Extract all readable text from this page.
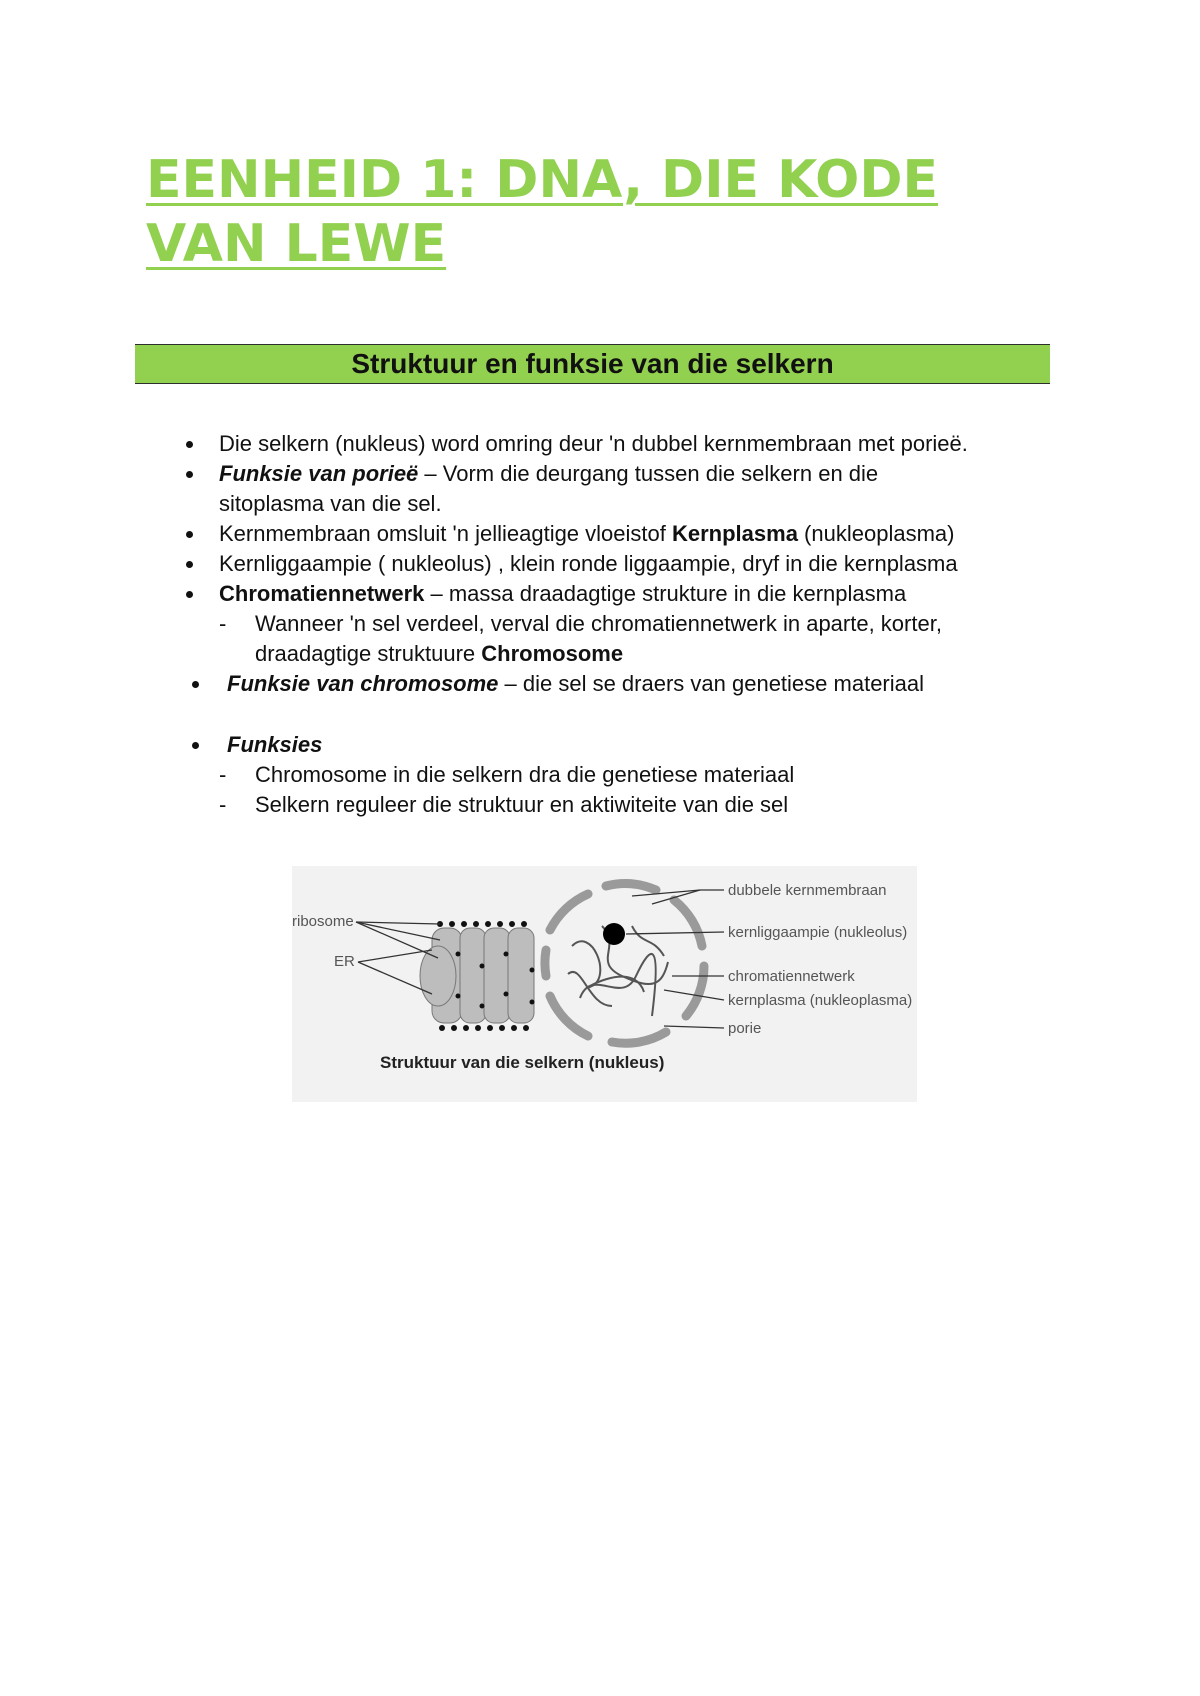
EENHEID 1: DNA, DIE KODE
VAN LEWE
Struktuur en funksie van die selkern
Die selkern (nukleus) word omring deur 'n dubbel kernmembraan met porieë.
Funksie van porieë – Vorm die deurgang tussen die selkern en die
sitoplasma van die sel.
Kernmembraan omsluit 'n jellieagtige vloeistof Kernplasma (nukleoplasma)
Kernliggaampie ( nukleolus) , klein ronde liggaampie, dryf in die kernplasma
Chromatiennetwerk – massa draadagtige strukture in die kernplasma
- Wanneer 'n sel verdeel, verval die chromatiennetwerk in aparte, korter,
draadagtige struktuure Chromosome
Funksie van chromosome – die sel se draers van genetiese materiaal
Funksies
- Chromosome in die selkern dra die genetiese materiaal
- Selkern reguleer die struktuur en aktiwiteite van die sel
ribosome
ER
dubbele kernmembraan
kernliggaampie (nukleolus)
chromatiennetwerk
kernplasma (nukleoplasma)
porie
Struktuur van die selkern (nukleus)
